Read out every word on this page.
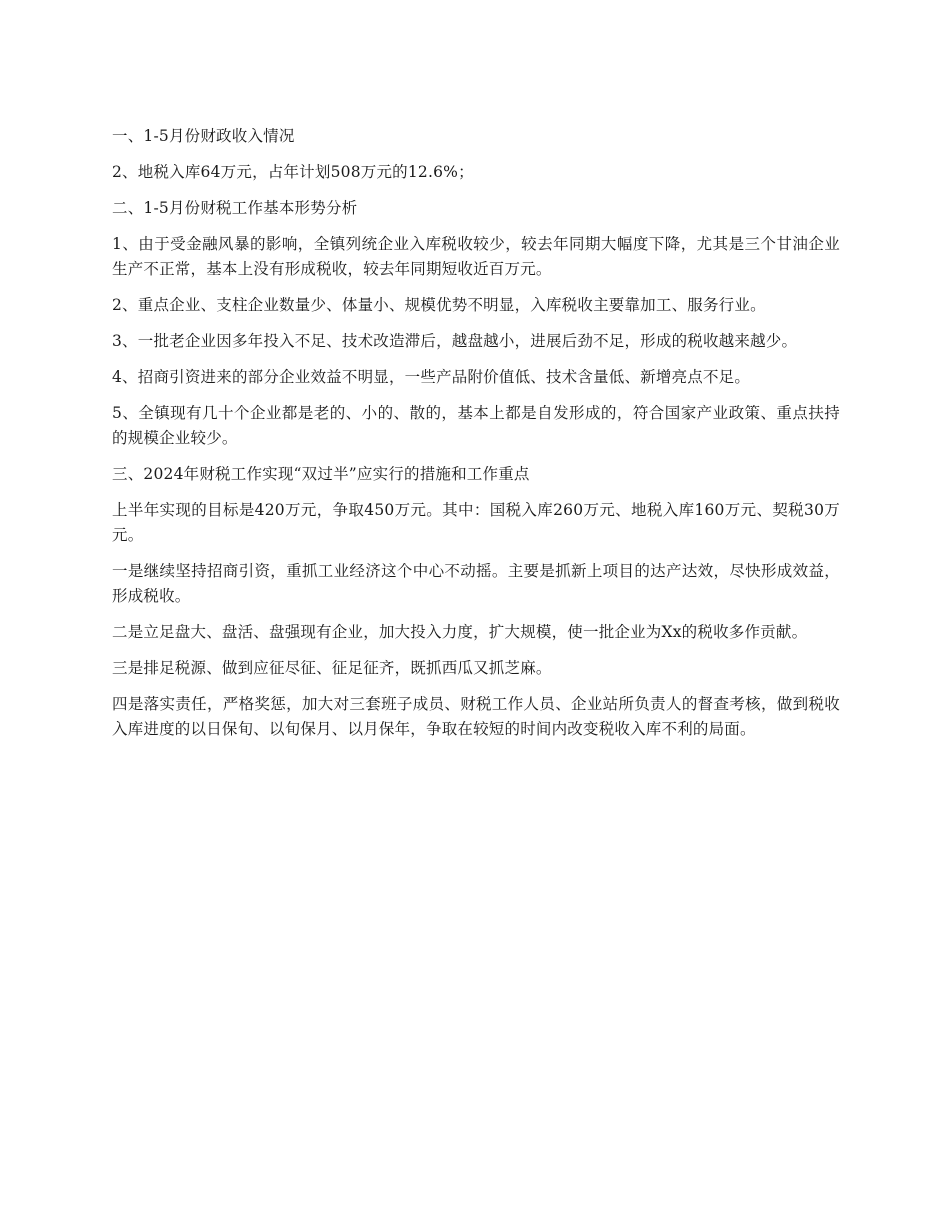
一、1-5月份财政收入情况

2、地税入库64万元，占年计划508万元的12.6%；

二、1-5月份财税工作基本形势分析

1、由于受金融风暴的影响，全镇列统企业入库税收较少，较去年同期大幅度下降，尤其是三个甘油企业生产不正常，基本上没有形成税收，较去年同期短收近百万元。

2、重点企业、支柱企业数量少、体量小、规模优势不明显，入库税收主要靠加工、服务行业。

3、一批老企业因多年投入不足、技术改造滞后，越盘越小，进展后劲不足，形成的税收越来越少。

4、招商引资进来的部分企业效益不明显，一些产品附价值低、技术含量低、新增亮点不足。

5、全镇现有几十个企业都是老的、小的、散的，基本上都是自发形成的，符合国家产业政策、重点扶持的规模企业较少。

三、2024年财税工作实现“双过半”应实行的措施和工作重点

上半年实现的目标是420万元，争取450万元。其中：国税入库260万元、地税入库160万元、契税30万元。

一是继续坚持招商引资，重抓工业经济这个中心不动摇。主要是抓新上项目的达产达效，尽快形成效益，形成税收。

二是立足盘大、盘活、盘强现有企业，加大投入力度，扩大规模，使一批企业为Xx的税收多作贡献。

三是排足税源、做到应征尽征、征足征齐，既抓西瓜又抓芝麻。

四是落实责任，严格奖惩，加大对三套班子成员、财税工作人员、企业站所负责人的督查考核，做到税收入库进度的以日保旬、以旬保月、以月保年，争取在较短的时间内改变税收入库不利的局面。
